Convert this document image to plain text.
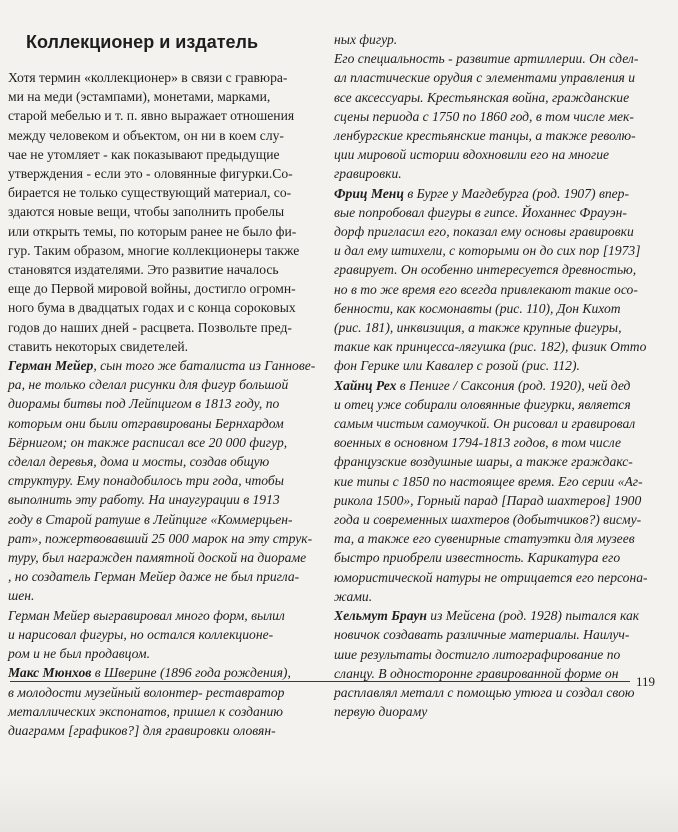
Коллекционер и издатель
Хотя термин «коллекционер» в связи с гравюра-
ми на меди (эстампами), монетами, марками,
старой мебелью и т. п. явно выражает отношения
между человеком и объектом, он ни в коем слу-
чае не утомляет - как показывают предыдущие
утверждения - если это - оловянные фигурки.Со-
бирается не только существующий материал, со-
здаются новые вещи, чтобы заполнить пробелы
или открыть темы, по которым ранее не было фи-
гур. Таким образом, многие коллекционеры также
становятся издателями. Это развитие началось
еще до Первой мировой войны, достигло огромн-
ного бума в двадцатых годах и с конца сороковых
годов до наших дней - расцвета. Позвольте пред-
ставить некоторых свидетелей.
Герман Мейер, сын того же баталиста из Ганнове-
ра, не только сделал рисунки для фигур большой
диорамы битвы под Лейпцигом в 1813 году, по
которым они были отгравированы Бернхардом
Бёрнигом; он также расписал все 20 000 фигур,
сделал деревья, дома и мосты, создав общую
структуру. Ему понадобилось три года, чтобы
выполнить эту работу. На инаугурации в 1913
году в Старой ратуше в Лейпциге «Коммерцьен-
рат», пожертвовавший 25 000 марок на эту струк-
туру, был награжден памятной доской на диораме
, но создатель Герман Мейер даже не был пригла-
шен.
Герман Мейер выгравировал много форм, вылил
и нарисовал фигуры, но остался коллекционе-
ром и не был продавцом.
Макс Мюнхов в Шверине (1896 года рождения),
в молодости музейный волонтер- реставратор
металлических экспонатов, пришел к созданию
диаграмм [графиков?] для гравировки оловян-
ных фигур.
Его специальность - развитие артиллерии. Он сдел-
ал пластические орудия с элементами управления и
все аксессуары. Крестьянская война, гражданские
сцены периода с 1750 по 1860 год, в том числе мек-
ленбургские крестьянские танцы, а также револю-
ции мировой истории вдохновили его на многие
гравировки.
Фриц Менц в Бурге у Магдебурга (род. 1907) впер-
вые попробовал фигуры в гипсе. Йоханнес Фрауэн-
дорф пригласил его, показал ему основы гравировки
и дал ему штихели, с которыми он до сих пор [1973]
гравирует. Он особенно интересуется древностью,
но в то же время его всегда привлекают такие осо-
бенности, как космонавты (рис. 110), Дон Кихот
(рис. 181), инквизиция, а также крупные фигуры,
такие как принцесса-лягушка (рис. 182), физик Отто
фон Герике или Кавалер с розой (рис. 112).
Хайнц Рех в Пениге / Саксония (род. 1920), чей дед
и отец уже собирали оловянные фигурки, является
самым чистым самоучкой. Он рисовал и гравировал
военных в основном 1794-1813 годов, в том числе
французские воздушные шары, а также граждакс-
кие типы с 1850 по настоящее время. Его серии «Аг-
рикола 1500», Горный парад [Парад шахтеров] 1900
года и современных шахтеров (добытчиков?) висму-
та, а также его сувенирные статуэтки для музеев
быстро приобрели известность. Карикатура его
юмористической натуры не отрицается его персона-
жами.
Хельмут Браун из Мейсена (род. 1928) пытался как
новичок создавать различные материалы. Наилуч-
шие результаты достигло литографирование по
сланцу. В односторонне гравированной форме он
расплавлял металл с помощью утюга и создал свою
первую диораму
119
